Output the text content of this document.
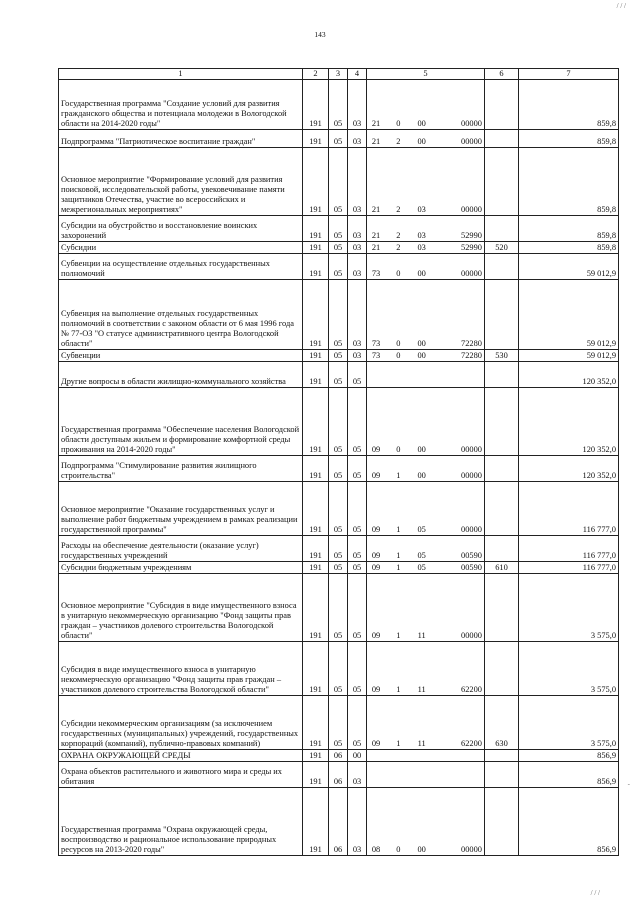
143
/ / /
-
1	2	3	4	5	6	7
Государственная программа "Создание условий для развития гражданского общества и потенциала молодежи в Вологодской области на 2014-2020 годы"	191	05	03	21 0 00 00000		859,8
Подпрограмма "Патриотическое воспитание граждан"	191	05	03	21 2 00 00000		859,8
Основное мероприятие "Формирование условий для развития поисковой, исследовательской работы, увековечивание памяти защитников Отечества, участие во всероссийских и межрегиональных мероприятиях"	191	05	03	21 2 03 00000		859,8
Субсидии на обустройство и восстановление воинских захоронений	191	05	03	21 2 03 52990		859,8
Субсидии	191	05	03	21 2 03 52990	520	859,8
Субвенции на осуществление отдельных государственных полномочий	191	05	03	73 0 00 00000		59 012,9
Субвенция на выполнение отдельных государственных полномочий в соответствии с законом области от 6 мая 1996 года № 77-ОЗ "О статусе административного центра Вологодской области"	191	05	03	73 0 00 72280		59 012,9
Субвенции	191	05	03	73 0 00 72280	530	59 012,9
Другие вопросы в области жилищно-коммунального хозяйства	191	05	05			120 352,0
Государственная программа "Обеспечение населения Вологодской области доступным жильем и формирование комфортной среды проживания на 2014-2020 годы"	191	05	05	09 0 00 00000		120 352,0
Подпрограмма "Стимулирование развития жилищного строительства"	191	05	05	09 1 00 00000		120 352,0
Основное мероприятие "Оказание государственных услуг и выполнение работ бюджетным учреждением в рамках реализации государственной программы"	191	05	05	09 1 05 00000		116 777,0
Расходы на обеспечение деятельности (оказание услуг) государственных учреждений	191	05	05	09 1 05 00590		116 777,0
Субсидии бюджетным учреждениям	191	05	05	09 1 05 00590	610	116 777,0
Основное мероприятие "Субсидия в виде имущественного взноса в унитарную некоммерческую организацию "Фонд защиты прав граждан – участников долевого строительства Вологодской области"	191	05	05	09 1 11 00000		3 575,0
Субсидия в виде имущественного взноса в унитарную некоммерческую организацию "Фонд защиты прав граждан – участников долевого строительства Вологодской области"	191	05	05	09 1 11 62200		3 575,0
Субсидии некоммерческим организациям (за исключением государственных (муниципальных) учреждений, государственных корпораций (компаний), публично-правовых компаний)	191	05	05	09 1 11 62200	630	3 575,0
ОХРАНА ОКРУЖАЮЩЕЙ СРЕДЫ	191	06	00			856,9
Охрана объектов растительного и животного мира и среды их обитания	191	06	03			856,9
Государственная программа "Охрана окружающей среды, воспроизводство и рациональное использование природных ресурсов на 2013-2020 годы"	191	06	03	08 0 00 00000		856,9
/ / /
